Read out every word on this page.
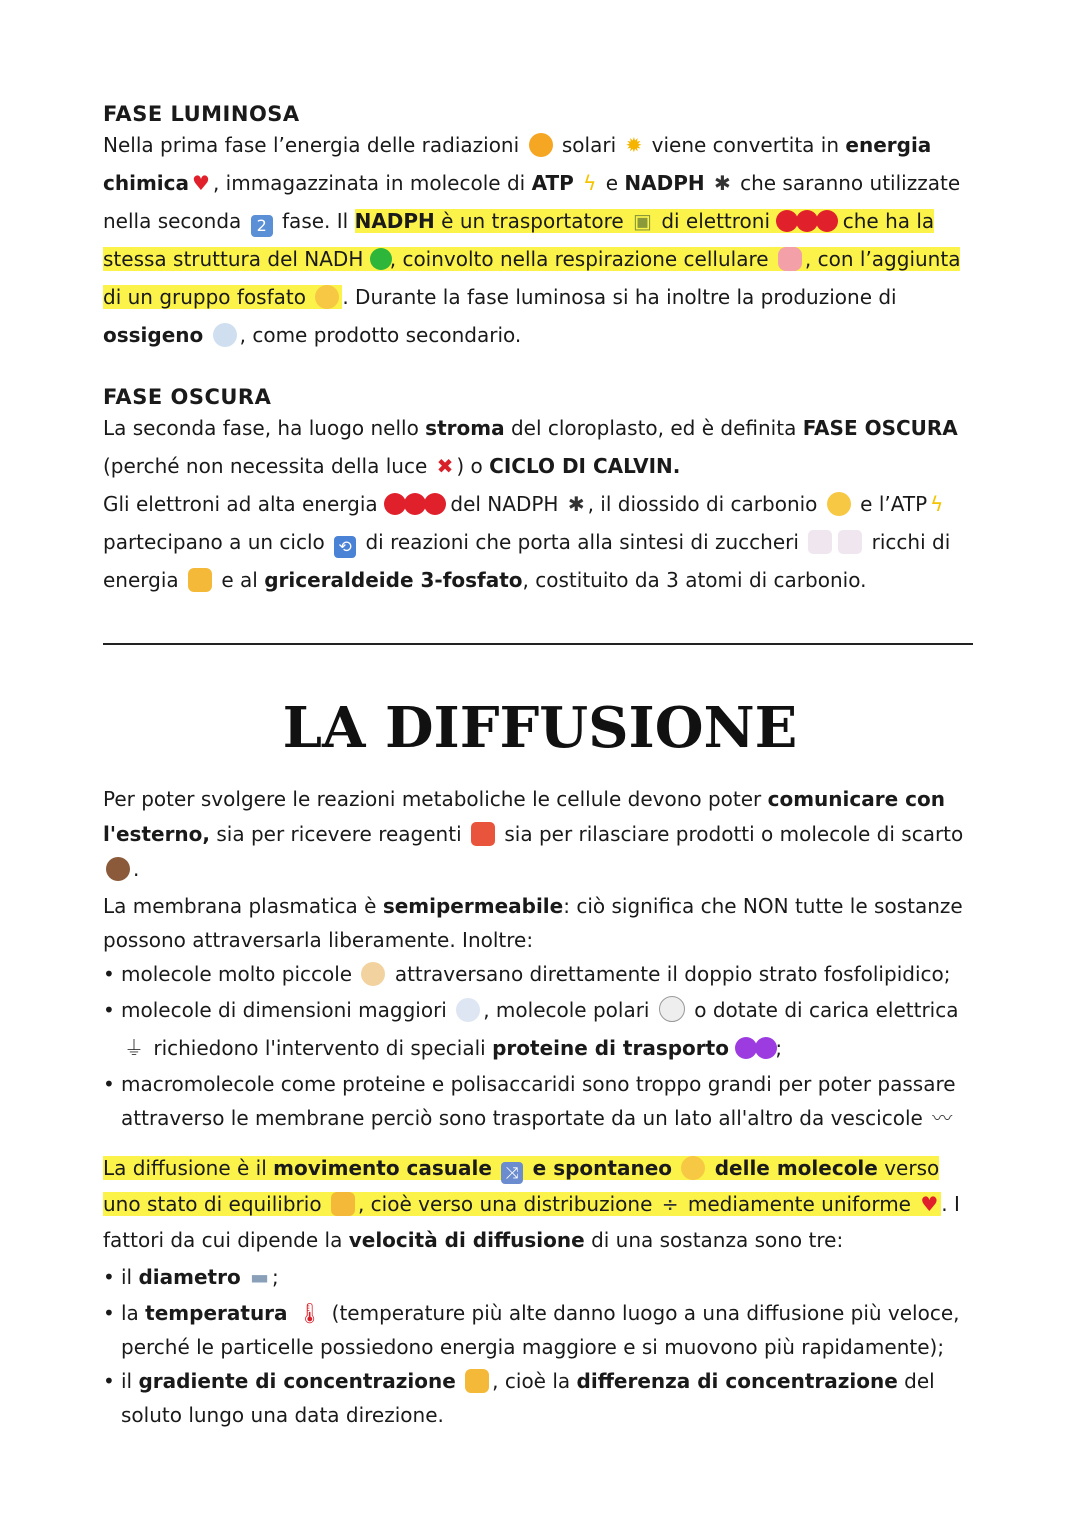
FASE LUMINOSA

Nella prima fase l’energia delle radiazioni solari ✹ viene convertita in energia chimica ♥ , immagazzinata in molecole di ATP ϟ e NADPH ✱ che saranno utilizzate nella seconda 2 fase. Il NADPH è un trasportatore ▣ di elettroni	che ha la stessa struttura del NADH , coinvolto nella respirazione cellulare , con l’aggiunta di un gruppo fosfato . Durante la fase luminosa si ha inoltre la produzione di ossigeno , come prodotto secondario.

FASE OSCURA

La seconda fase, ha luogo nello stroma del cloroplasto, ed è definita FASE OSCURA (perché non necessita della luce ✖ ) o CICLO DI CALVIN.
Gli elettroni ad alta energia	del NADPH ✱ , il diossido di carbonio e l’ATP ϟ partecipano a un ciclo ⟲ di reazioni che porta alla sintesi di zuccheri	ricchi di energia e al griceraldeide 3-fosfato, costituito da 3 atomi di carbonio.

LA DIFFUSIONE

Per poter svolgere le reazioni metaboliche le cellule devono poter comunicare con l'esterno, sia per ricevere reagenti sia per rilasciare prodotti o molecole di scarto
.

La membrana plasmatica è semipermeabile: ciò significa che NON tutte le sostanze possono attraversarla liberamente. Inoltre:

• molecole molto piccole attraversano direttamente il doppio strato fosfolipidico;
• molecole di dimensioni maggiori , molecole polari o dotate di carica elettrica ⏚ richiedono l'intervento di speciali proteine di trasporto ;
• macromolecole come proteine e polisaccaridi sono troppo grandi per poter passare attraverso le membrane perciò sono trasportate da un lato all'altro da vescicole 〰

La diffusione è il movimento casuale ⤨ e spontaneo delle molecole verso uno stato di equilibrio , cioè verso una distribuzione ÷ mediamente uniforme ♥ . I fattori da cui dipende la velocità di diffusione di una sostanza sono tre:

• il diametro ▬ ;
• la temperatura 🌡 (temperature più alte danno luogo a una diffusione più veloce, perché le particelle possiedono energia maggiore e si muovono più rapidamente);
• il gradiente di concentrazione , cioè la differenza di concentrazione del soluto lungo una data direzione.
